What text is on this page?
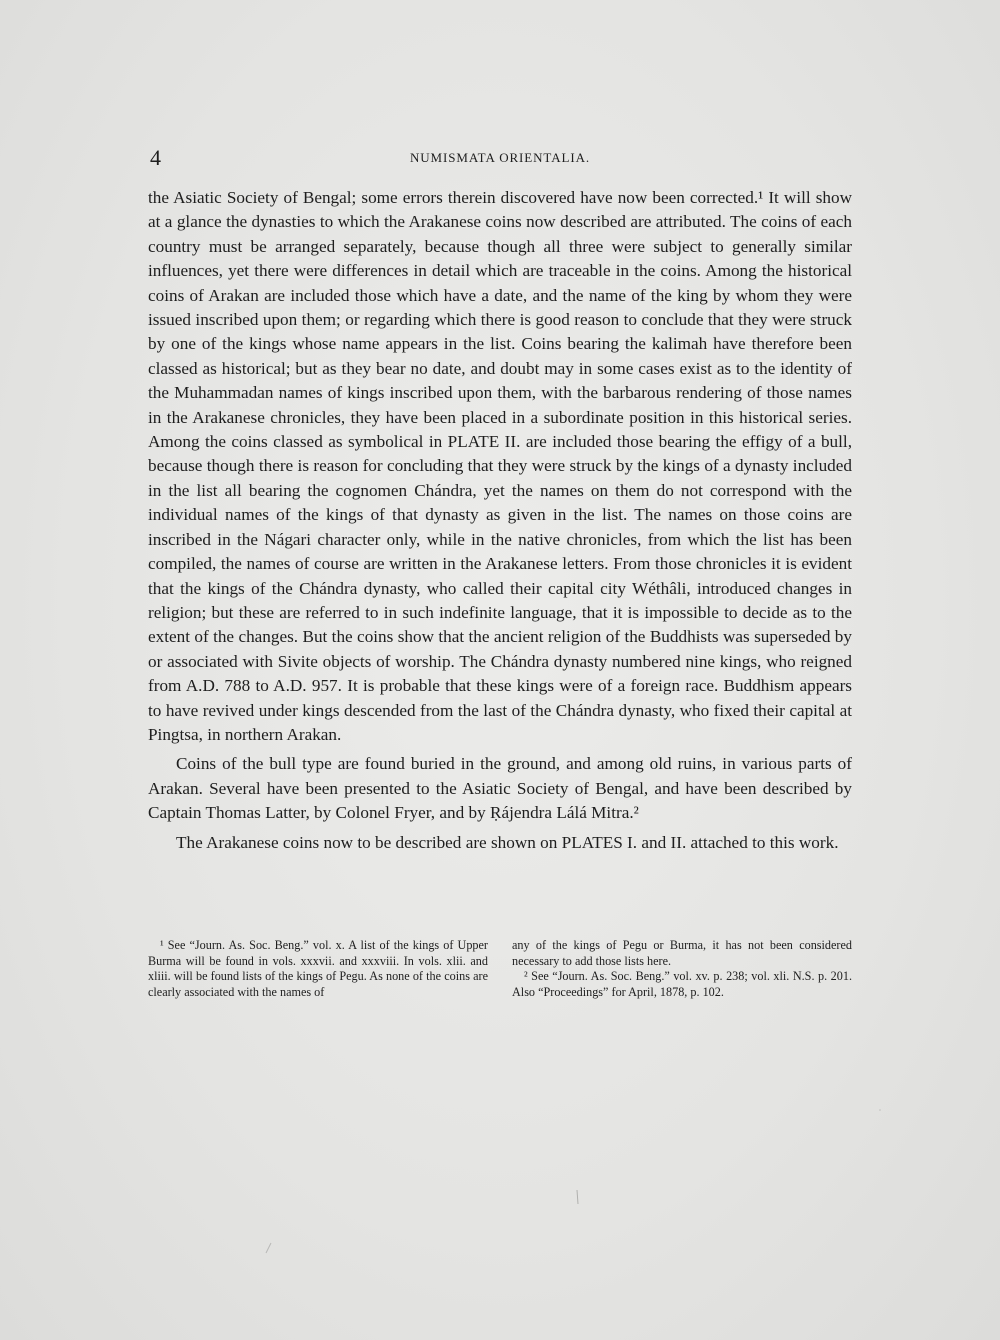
4	NUMISMATA ORIENTALIA.

the Asiatic Society of Bengal; some errors therein discovered have now been corrected.¹ It will show at a glance the dynasties to which the Arakanese coins now described are attributed. The coins of each country must be arranged separately, because though all three were subject to generally similar influences, yet there were differences in detail which are traceable in the coins. Among the historical coins of Arakan are included those which have a date, and the name of the king by whom they were issued inscribed upon them; or regarding which there is good reason to conclude that they were struck by one of the kings whose name appears in the list. Coins bearing the kalimah have therefore been classed as historical; but as they bear no date, and doubt may in some cases exist as to the identity of the Muhammadan names of kings inscribed upon them, with the barbarous rendering of those names in the Arakanese chronicles, they have been placed in a subordinate position in this historical series. Among the coins classed as symbolical in PLATE II. are included those bearing the effigy of a bull, because though there is reason for concluding that they were struck by the kings of a dynasty included in the list all bearing the cognomen Chándra, yet the names on them do not correspond with the individual names of the kings of that dynasty as given in the list. The names on those coins are inscribed in the Nágari character only, while in the native chronicles, from which the list has been compiled, the names of course are written in the Arakanese letters. From those chronicles it is evident that the kings of the Chándra dynasty, who called their capital city Wéthâli, introduced changes in religion; but these are referred to in such indefinite language, that it is impossible to decide as to the extent of the changes. But the coins show that the ancient religion of the Buddhists was superseded by or associated with Sivite objects of worship. The Chándra dynasty numbered nine kings, who reigned from A.D. 788 to A.D. 957. It is probable that these kings were of a foreign race. Buddhism appears to have revived under kings descended from the last of the Chándra dynasty, who fixed their capital at Pingtsa, in northern Arakan.

Coins of the bull type are found buried in the ground, and among old ruins, in various parts of Arakan. Several have been presented to the Asiatic Society of Bengal, and have been described by Captain Thomas Latter, by Colonel Fryer, and by Ṛájendra Lálá Mitra.²

The Arakanese coins now to be described are shown on PLATES I. and II. attached to this work.

¹ See “Journ. As. Soc. Beng.” vol. x. A list of the kings of Upper Burma will be found in vols. xxxvii. and xxxviii. In vols. xlii. and xliii. will be found lists of the kings of Pegu. As none of the coins are clearly associated with the names of

any of the kings of Pegu or Burma, it has not been considered necessary to add those lists here.

² See “Journ. As. Soc. Beng.” vol. xv. p. 238; vol. xli. N.S. p. 201. Also “Proceedings” for April, 1878, p. 102.
